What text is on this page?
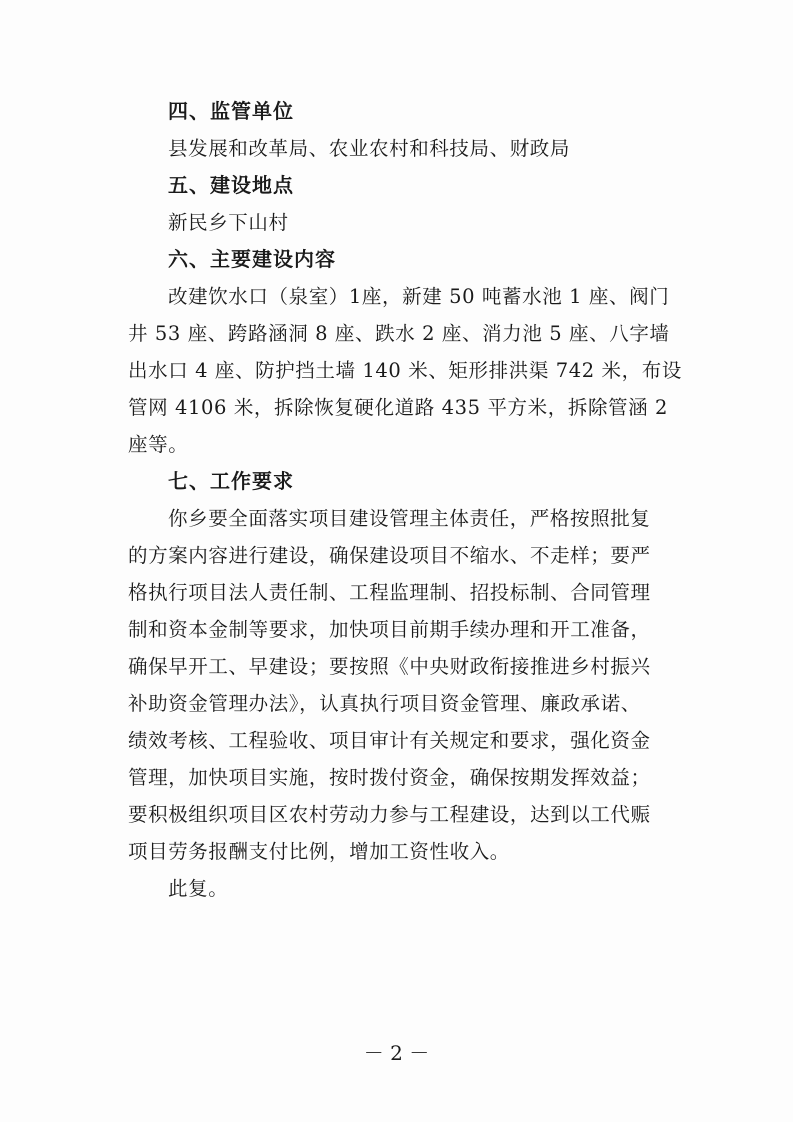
四、监管单位
县发展和改革局、农业农村和科技局、财政局
五、建设地点
新民乡下山村
六、主要建设内容
改建饮水口（泉室）1座，新建 50 吨蓄水池 1 座、阀门
井 53 座、跨路涵洞 8 座、跌水 2 座、消力池 5 座、八字墙
出水口 4 座、防护挡土墙 140 米、矩形排洪渠 742 米，布设
管网 4106 米，拆除恢复硬化道路 435 平方米，拆除管涵 2
座等。
七、工作要求
你乡要全面落实项目建设管理主体责任，严格按照批复
的方案内容进行建设，确保建设项目不缩水、不走样；要严
格执行项目法人责任制、工程监理制、招投标制、合同管理
制和资本金制等要求，加快项目前期手续办理和开工准备，
确保早开工、早建设；要按照《中央财政衔接推进乡村振兴
补助资金管理办法》，认真执行项目资金管理、廉政承诺、
绩效考核、工程验收、项目审计有关规定和要求，强化资金
管理，加快项目实施，按时拨付资金，确保按期发挥效益；
要积极组织项目区农村劳动力参与工程建设，达到以工代赈
项目劳务报酬支付比例，增加工资性收入。
此复。
－ 2 －
